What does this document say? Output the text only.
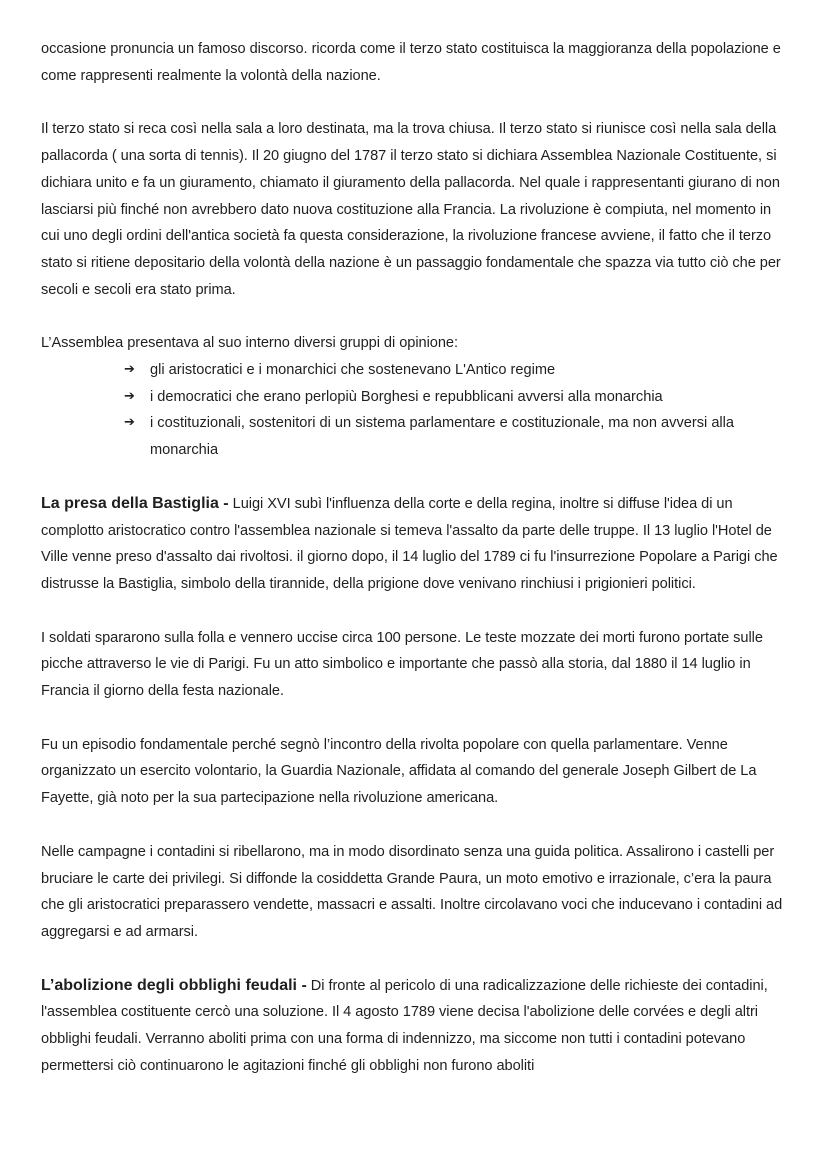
occasione pronuncia un famoso discorso. ricorda come il terzo stato costituisca la maggioranza della popolazione e come rappresenti realmente la volontà della nazione.

Il terzo stato si reca così nella sala a loro destinata, ma la trova chiusa. Il terzo stato si riunisce così nella sala della pallacorda ( una sorta di tennis). Il 20 giugno del 1787 il terzo stato si dichiara Assemblea Nazionale Costituente, si dichiara unito e fa un giuramento, chiamato il giuramento della pallacorda. Nel quale i rappresentanti giurano di non lasciarsi più finché non avrebbero dato nuova costituzione alla Francia. La rivoluzione è compiuta, nel momento in cui uno degli ordini dell'antica società fa questa considerazione, la rivoluzione francese avviene, il fatto che il terzo stato si ritiene depositario della volontà della nazione è un passaggio fondamentale che spazza via tutto ciò che per secoli e secoli era stato prima.

L’Assemblea presentava al suo interno diversi gruppi di opinione:

➔	gli aristocratici e i monarchici che sostenevano L'Antico regime
➔	i democratici che erano perlopiù Borghesi e repubblicani avversi alla monarchia
➔	i costituzionali, sostenitori di un sistema parlamentare e costituzionale, ma non avversi alla monarchia

La presa della Bastiglia - Luigi XVI subì l'influenza della corte e della regina, inoltre si diffuse l'idea di un complotto aristocratico contro l'assemblea nazionale si temeva l'assalto da parte delle truppe. Il 13 luglio l'Hotel de Ville venne preso d'assalto dai rivoltosi. il giorno dopo, il 14 luglio del 1789 ci fu l'insurrezione Popolare a Parigi che distrusse la Bastiglia, simbolo della tirannide, della prigione dove venivano rinchiusi i prigionieri politici.

I soldati spararono sulla folla e vennero uccise circa 100 persone. Le teste mozzate dei morti furono portate sulle picche attraverso le vie di Parigi. Fu un atto simbolico e importante che passò alla storia, dal 1880 il 14 luglio in Francia il giorno della festa nazionale.

Fu un episodio fondamentale perché segnò l’incontro della rivolta popolare con quella parlamentare. Venne organizzato un esercito volontario, la Guardia Nazionale, affidata al comando del generale Joseph Gilbert de La Fayette, già noto per la sua partecipazione nella rivoluzione americana.

Nelle campagne i contadini si ribellarono, ma in modo disordinato senza una guida politica. Assalirono i castelli per bruciare le carte dei privilegi. Si diffonde la cosiddetta Grande Paura, un moto emotivo e irrazionale, c’era la paura che gli aristocratici preparassero vendette, massacri e assalti. Inoltre circolavano voci che inducevano i contadini ad aggregarsi e ad armarsi.

L’abolizione degli obblighi feudali - Di fronte al pericolo di una radicalizzazione delle richieste dei contadini, l'assemblea costituente cercò una soluzione. Il 4 agosto 1789 viene decisa l'abolizione delle corvées e degli altri obblighi feudali. Verranno aboliti prima con una forma di indennizzo, ma siccome non tutti i contadini potevano permettersi ciò continuarono le agitazioni finché gli obblighi non furono aboliti
